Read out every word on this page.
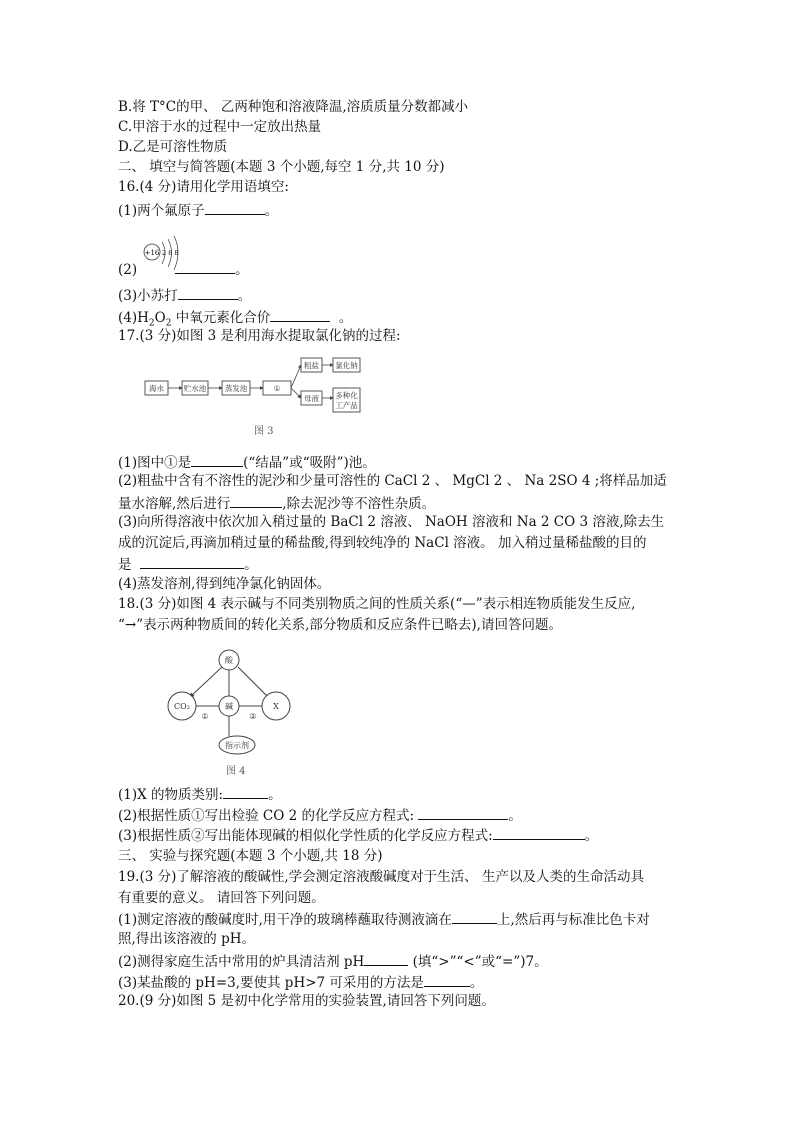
B.将 T°C的甲、 乙两种饱和溶液降温,溶质质量分数都减小
C.甲溶于水的过程中一定放出热量
D.乙是可溶性物质
二、 填空与简答题(本题 3 个小题,每空 1 分,共 10 分)
16.(4 分)请用化学用语填空:
(1)两个氟原子	。
(2)	。
+16 2 8 8
(3)小苏打	。
$(4)H_2O_2$ 中氧元素化合价	。
17.(3 分)如图 3 是利用海水提取氯化钠的过程:
海水	贮水池 蒸发池	①
粗盐 氯化钠
母液 多种化
工产品
图 3
(1)图中①是	(“结晶”或“吸附”)池。
(2)粗盐中含有不溶性的泥沙和少量可溶性的 CaCl 2 、 MgCl 2 、 Na 2SO 4 ;将样品加适
量水溶解,然后进行	,除去泥沙等不溶性杂质。
(3)向所得溶液中依次加入稍过量的 BaCl 2 溶液、 NaOH 溶液和 Na 2 CO 3 溶液,除去生
成的沉淀后,再滴加稍过量的稀盐酸,得到较纯净的 NaCl 溶液。 加入稍过量稀盐酸的目的
是	。
(4)蒸发溶剂,得到纯净氯化钠固体。
18.(3 分)如图 4 表示碱与不同类别物质之间的性质关系(“—”表示相连物质能发生反应,
“→”表示两种物质间的转化关系,部分物质和反应条件已略去),请回答问题。
酸
CO₂	碱	X
指示剂
①	②
图 4
(1)X 的物质类别:	。
(2)根据性质①写出检验 CO 2 的化学反应方程式:	。
(3)根据性质②写出能体现碱的相似化学性质的化学反应方程式:	。
三、 实验与探究题(本题 3 个小题,共 18 分)
19.(3 分)了解溶液的酸碱性,学会测定溶液酸碱度对于生活、 生产以及人类的生命活动具
有重要的意义。 请回答下列问题。
(1)测定溶液的酸碱度时,用干净的玻璃棒蘸取待测液滴在	上,然后再与标准比色卡对
照,得出该溶液的 pH。
(2)测得家庭生活中常用的炉具清洁剂 pH	(填“>”“<”或“=”)7。
(3)某盐酸的 pH=3,要使其 pH>7 可采用的方法是	。
20.(9 分)如图 5 是初中化学常用的实验装置,请回答下列问题。
